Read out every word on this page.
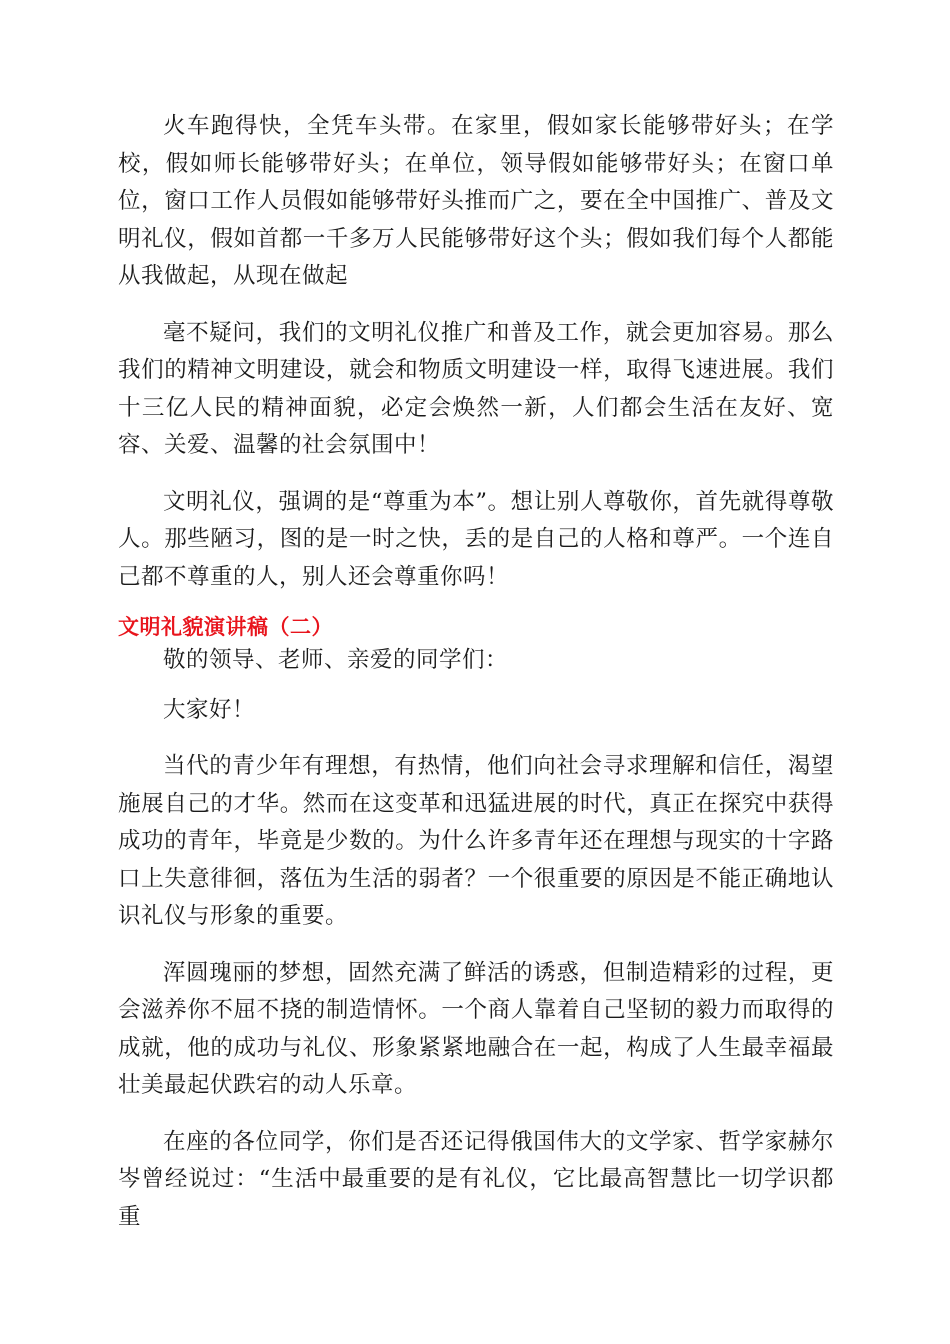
火车跑得快，全凭车头带。在家里，假如家长能够带好头；在学校，假如师长能够带好头；在单位，领导假如能够带好头；在窗口单位，窗口工作人员假如能够带好头推而广之，要在全中国推广、普及文明礼仪，假如首都一千多万人民能够带好这个头；假如我们每个人都能从我做起，从现在做起

毫不疑问，我们的文明礼仪推广和普及工作，就会更加容易。那么我们的精神文明建设，就会和物质文明建设一样，取得飞速进展。我们十三亿人民的精神面貌，必定会焕然一新，人们都会生活在友好、宽容、关爱、温馨的社会氛围中！

文明礼仪，强调的是“尊重为本”。想让别人尊敬你，首先就得尊敬人。那些陋习，图的是一时之快，丢的是自己的人格和尊严。一个连自己都不尊重的人，别人还会尊重你吗！

文明礼貌演讲稿（二）

敬的领导、老师、亲爱的同学们：

大家好！

当代的青少年有理想，有热情，他们向社会寻求理解和信任，渴望施展自己的才华。然而在这变革和迅猛进展的时代，真正在探究中获得成功的青年，毕竟是少数的。为什么许多青年还在理想与现实的十字路口上失意徘徊，落伍为生活的弱者？一个很重要的原因是不能正确地认识礼仪与形象的重要。

浑圆瑰丽的梦想，固然充满了鲜活的诱惑，但制造精彩的过程，更会滋养你不屈不挠的制造情怀。一个商人靠着自己坚韧的毅力而取得的成就，他的成功与礼仪、形象紧紧地融合在一起，构成了人生最幸福最壮美最起伏跌宕的动人乐章。

在座的各位同学，你们是否还记得俄国伟大的文学家、哲学家赫尔岑曾经说过：“生活中最重要的是有礼仪，它比最高智慧比一切学识都重
